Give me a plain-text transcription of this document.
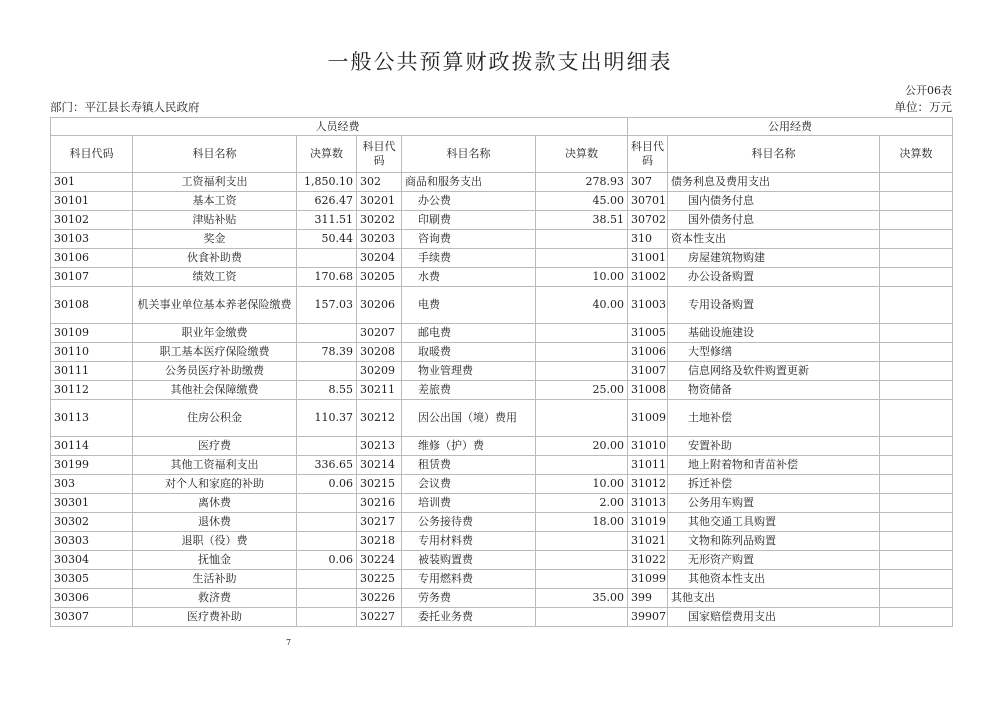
一般公共预算财政拨款支出明细表
公开06表
部门：平江县长寿镇人民政府	单位：万元
人员经费						公用经费		
科目代码	科目名称	决算数	科目代码	科目名称	决算数	科目代码	科目名称	决算数
301	工资福利支出	1,850.10	302	商品和服务支出	278.93	307	债务利息及费用支出	
30101	基本工资	626.47	30201	办公费	45.00	30701	国内债务付息	
30102	津贴补贴	311.51	30202	印刷费	38.51	30702	国外债务付息	
30103	奖金	50.44	30203	咨询费		310	资本性支出	
30106	伙食补助费		30204	手续费		31001	房屋建筑物购建	
30107	绩效工资	170.68	30205	水费	10.00	31002	办公设备购置	
30108	机关事业单位基本养老保险缴费	157.03	30206	电费	40.00	31003	专用设备购置	
30109	职业年金缴费		30207	邮电费		31005	基础设施建设	
30110	职工基本医疗保险缴费	78.39	30208	取暖费		31006	大型修缮	
30111	公务员医疗补助缴费		30209	物业管理费		31007	信息网络及软件购置更新	
30112	其他社会保障缴费	8.55	30211	差旅费	25.00	31008	物资储备	
30113	住房公积金	110.37	30212	因公出国（境）费用		31009	土地补偿	
30114	医疗费		30213	维修（护）费	20.00	31010	安置补助	
30199	其他工资福利支出	336.65	30214	租赁费		31011	地上附着物和青苗补偿	
303	对个人和家庭的补助	0.06	30215	会议费	10.00	31012	拆迁补偿	
30301	离休费		30216	培训费	2.00	31013	公务用车购置	
30302	退休费		30217	公务接待费	18.00	31019	其他交通工具购置	
30303	退职（役）费		30218	专用材料费		31021	文物和陈列品购置	
30304	抚恤金	0.06	30224	被装购置费		31022	无形资产购置	
30305	生活补助		30225	专用燃料费		31099	其他资本性支出	
30306	救济费		30226	劳务费	35.00	399	其他支出	
30307	医疗费补助		30227	委托业务费		39907	国家赔偿费用支出	
7
